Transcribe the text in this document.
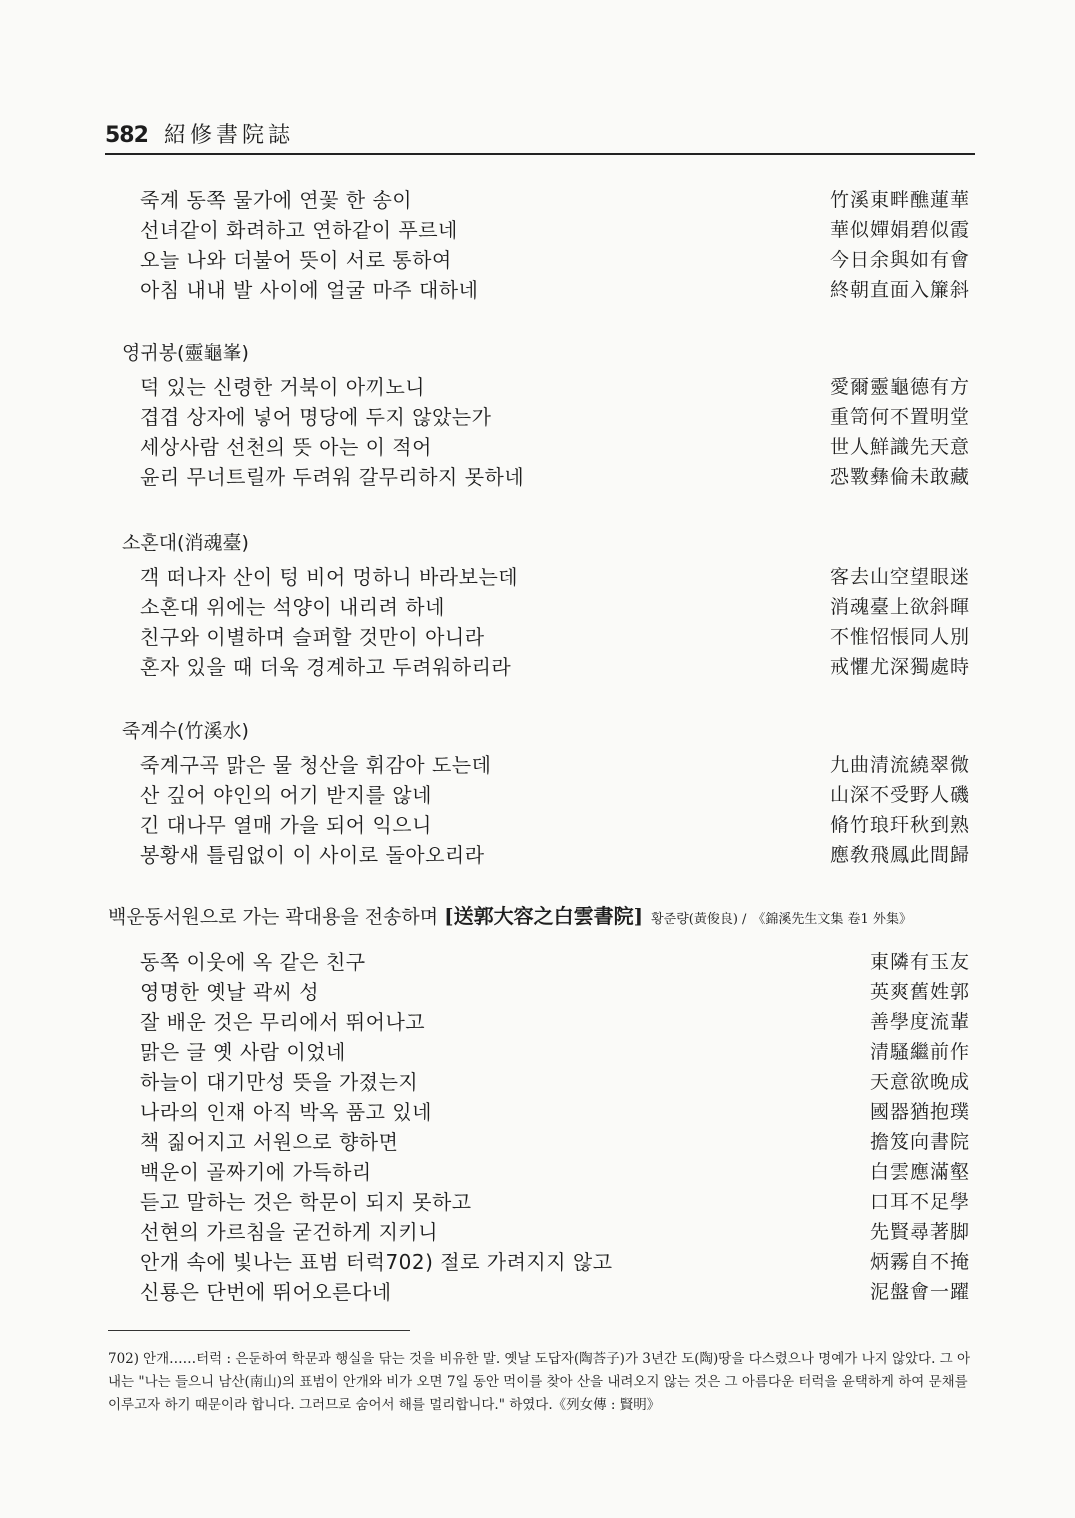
582 紹修書院誌
죽계 동쪽 물가에 연꽃 한 송이	竹溪東畔醮蓮華
선녀같이 화려하고 연하같이 푸르네	華似嬋娟碧似霞
오늘 나와 더불어 뜻이 서로 통하여	今日余與如有會
아침 내내 발 사이에 얼굴 마주 대하네	終朝直面入簾斜
영귀봉(靈龜峯)
덕 있는 신령한 거북이 아끼노니	愛爾靈龜德有方
겹겹 상자에 넣어 명당에 두지 않았는가	重笥何不置明堂
세상사람 선천의 뜻 아는 이 적어	世人鮮識先天意
윤리 무너트릴까 두려워 갈무리하지 못하네	恐斁彝倫未敢藏
소혼대(消魂臺)
객 떠나자 산이 텅 비어 멍하니 바라보는데	客去山空望眼迷
소혼대 위에는 석양이 내리려 하네	消魂臺上欲斜暉
친구와 이별하며 슬퍼할 것만이 아니라	不惟怊悵同人別
혼자 있을 때 더욱 경계하고 두려워하리라	戒懼尤深獨處時
죽계수(竹溪水)
죽계구곡 맑은 물 청산을 휘감아 도는데	九曲清流繞翠微
산 깊어 야인의 어기 받지를 않네	山深不受野人磯
긴 대나무 열매 가을 되어 익으니	脩竹琅玕秋到熟
봉황새 틀림없이 이 사이로 돌아오리라	應敎飛鳳此間歸
백운동서원으로 가는 곽대용을 전송하며 [送郭大容之白雲書院] 황준량(黃俊良) / 《錦溪先生文集 卷1 外集》
동쪽 이웃에 옥 같은 친구	東隣有玉友
영명한 옛날 곽씨 성	英爽舊姓郭
잘 배운 것은 무리에서 뛰어나고	善學度流輩
맑은 글 옛 사람 이었네	清騷繼前作
하늘이 대기만성 뜻을 가졌는지	天意欲晚成
나라의 인재 아직 박옥 품고 있네	國器猶抱璞
책 짊어지고 서원으로 향하면	擔笈向書院
백운이 골짜기에 가득하리	白雲應滿壑
듣고 말하는 것은 학문이 되지 못하고	口耳不足學
선현의 가르침을 굳건하게 지키니	先賢尋著脚
안개 속에 빛나는 표범 터럭702) 절로 가려지지 않고	炳霧自不掩
신룡은 단번에 뛰어오른다네	泥盤會一躍
702) 안개……터럭 : 은둔하여 학문과 행실을 닦는 것을 비유한 말. 옛날 도답자(陶荅子)가 3년간 도(陶)땅을 다스렸으나 명예가 나지 않았다. 그 아내는 "나는 들으니 남산(南山)의 표범이 안개와 비가 오면 7일 동안 먹이를 찾아 산을 내려오지 않는 것은 그 아름다운 터럭을 윤택하게 하여 문채를 이루고자 하기 때문이라 합니다. 그러므로 숨어서 해를 멀리합니다." 하였다.《列女傳 : 賢明》
